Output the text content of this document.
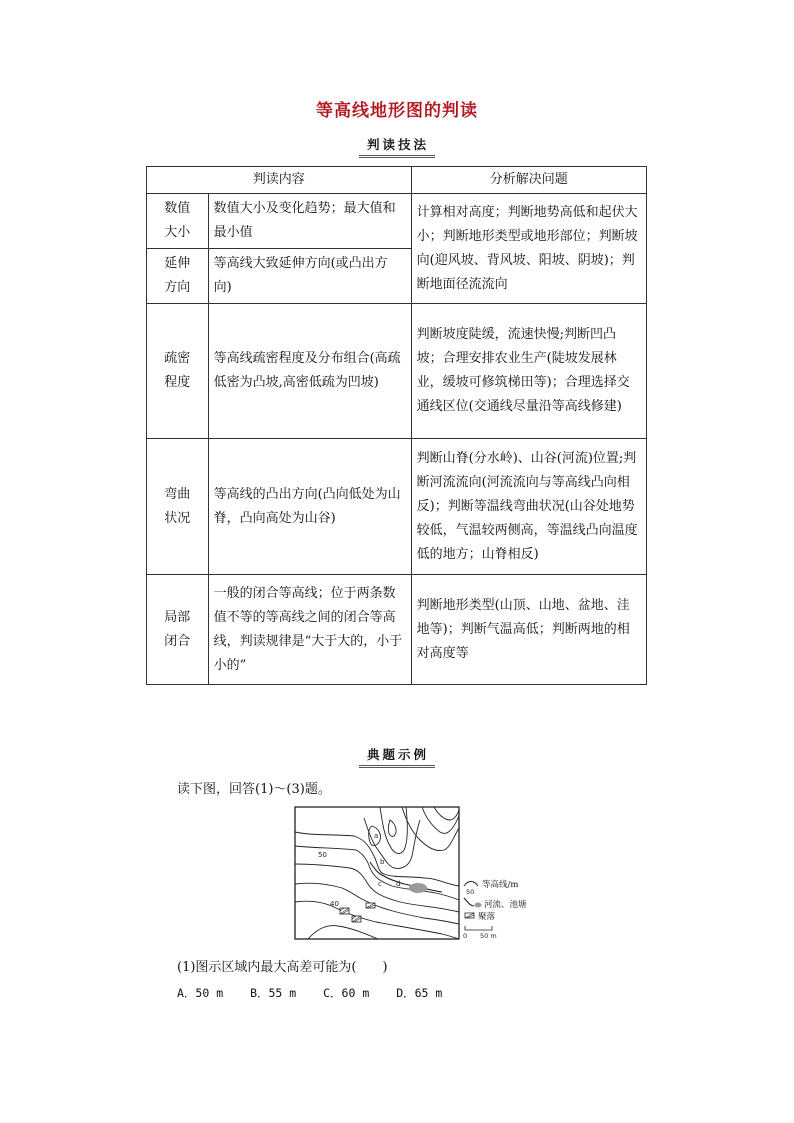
等高线地形图的判读
判读技法
判读内容		分析解决问题
数值
大小	数值大小及变化趋势；最大值和最小值	计算相对高度；判断地势高低和起伏大小；判断地形类型或地形部位；判断坡向(迎风坡、背风坡、阳坡、阴坡)；判断地面径流流向
延伸
方向	等高线大致延伸方向(或凸出方向)	
疏密
程度	等高线疏密程度及分布组合(高疏低密为凸坡,高密低疏为凹坡)	判断坡度陡缓，流速快慢;判断凹凸坡；合理安排农业生产(陡坡发展林业，缓坡可修筑梯田等)；合理选择交通线区位(交通线尽量沿等高线修建)
弯曲
状况	等高线的凸出方向(凸向低处为山脊，凸向高处为山谷)	判断山脊(分水岭)、山谷(河流)位置;判断河流流向(河流流向与等高线凸向相反)；判断等温线弯曲状况(山谷处地势较低，气温较两侧高，等温线凸向温度低的地方；山脊相反)
局部
闭合	一般的闭合等高线；位于两条数值不等的等高线之间的闭合等高线，判读规律是“大于大的，小于小的”	判断地形类型(山顶、山地、盆地、洼地等)；判断气温高低；判断两地的相对高度等
典题示例
读下图，回答(1)～(3)题。
50
40
a
b
c d
50
等高线/m
河流、池塘
聚落
0 50 m
(1)图示区域内最大高差可能为(　　)
A．50 m B．55 m C．60 m D．65 m
